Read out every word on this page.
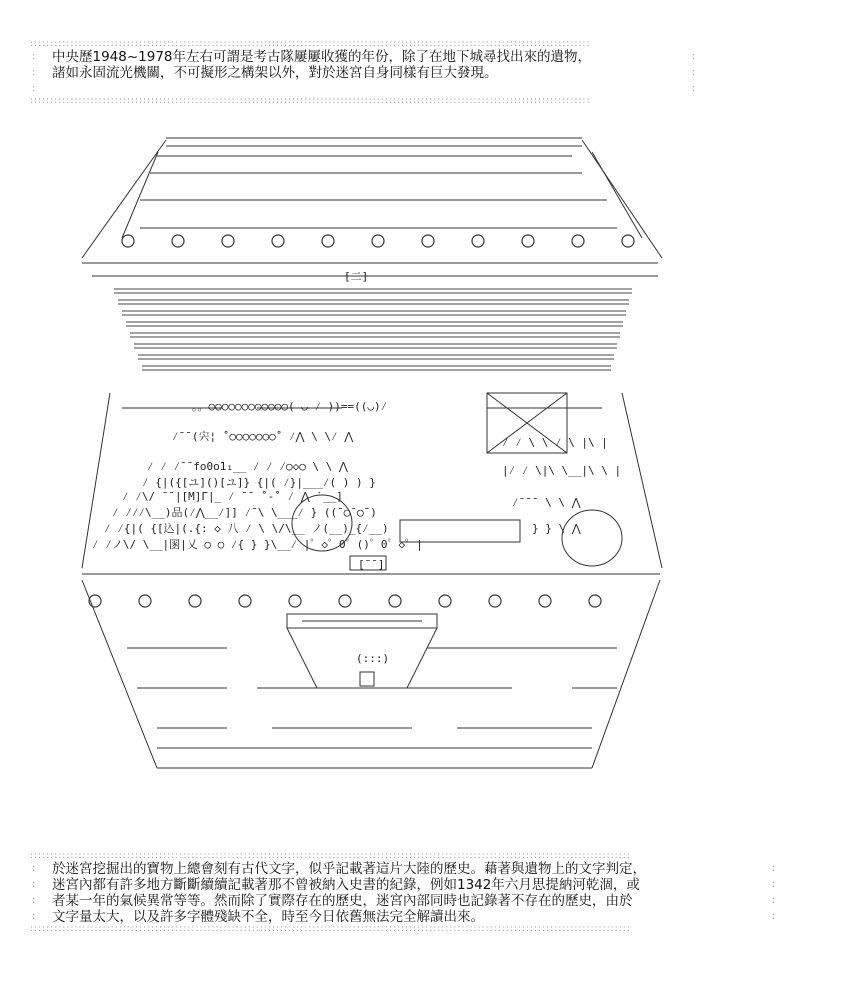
:::::::::::::::::::::::::::::::::::::::::::::::::::::::::::::::::::::::::::::::::::::::::::::::::::::::::::::::::::::::::::::::::::::::::::
: 中央歷1948~1978年左右可謂是考古隊屢屢收獲的年份，除了在地下城尋找出來的遺物， :
: 諸如永固流光機關，不可擬形之構架以外，對於迷宮自身同樣有巨大發現。 :
:   :
:::::::::::::::::::::::::::::::::::::::::::::::::::::::::::::::::::::::::::::::::::::::::::::::::::::::::::::::::::::::::::::::::::::::::::
[二]
[¯¯]
。。○○○○○○○○○○○○( ◡ ⁄ ))==((◡)⁄
⁄¯¯(宍¦ ˚○○○○○○○˚ ⁄⋀ \ \⁄ ⋀
⁄ ⁄ ⁄¯¯fo0o1₁__ ⁄ ⁄ ⁄○◇○ \ \ ⋀
⁄ {|({[ユ]()[ユ]} {|( ⁄}|___⁄( ) ) }
⁄ ⁄\/ ¯¯|[M]Γ|_ ⁄ ¯¯ ˚-˚ ⁄ ⋀ ˋ__]
⁄ ⁄⁄⁄\__)品(⁄⋀__⁄]] ⁄¯\ \___⁄ } ((¯◯¯◯¯)
⁄ ⁄{|( {[込|(.{: ◇ 八 ⁄ \ \/\__ ノ(__)_{⁄__)
⁄ ⁄ノ\/ \__|圂|乂 ○ ○ ⁄{ } }\__⁄ |゜◇゜0゜()゜0゜◇゜|
⁄ ⁄ \ \ ⁄ \ |\ |
|⁄ ⁄ \|\ \__|\ \ |
⁄¯¯¯ \ \ ⋀
} } \ ⋀
(:::)
:::::::::::::::::::::::::::::::::::::::::::::::::::::::::::::::::::::::::::::::::::::::::::::::::::::::::::::::::::::::::::::::::::::::::::::::::::::
: 於迷宮挖掘出的寶物上總會刻有古代文字，似乎記載著這片大陸的歷史。藉著與遺物上的文字判定， :
: 迷宮內都有許多地方斷斷續續記載著那不曾被納入史書的紀錄，例如1342年六月思提納河乾涸，或 :
: 者某一年的氣候異常等等。然而除了實際存在的歷史，迷宮內部同時也記錄著不存在的歷史，由於 :
: 文字量太大，以及許多字體殘缺不全，時至今日依舊無法完全解讀出來。 :
:::::::::::::::::::::::::::::::::::::::::::::::::::::::::::::::::::::::::::::::::::::::::::::::::::::::::::::::::::::::::::::::::::::::::::::::::::::
